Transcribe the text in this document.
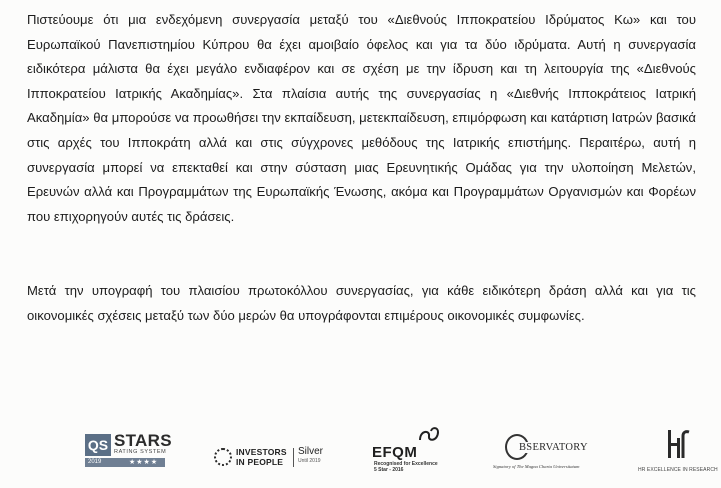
Πιστεύουμε ότι μια ενδεχόμενη συνεργασία μεταξύ του «Διεθνούς Ιπποκρατείου Ιδρύματος Κω» και του Ευρωπαϊκού Πανεπιστημίου Κύπρου θα έχει αμοιβαίο όφελος και για τα δύο ιδρύματα. Αυτή η συνεργασία ειδικότερα μάλιστα θα έχει μεγάλο ενδιαφέρον και σε σχέση με την ίδρυση και τη λειτουργία της «Διεθνούς Ιπποκρατείου Ιατρικής Ακαδημίας». Στα πλαίσια αυτής της συνεργασίας η «Διεθνής Ιπποκράτειος Ιατρική Ακαδημία» θα μπορούσε να προωθήσει την εκπαίδευση, μετεκπαίδευση, επιμόρφωση και κατάρτιση Ιατρών βασικά στις αρχές του Ιπποκράτη αλλά και στις σύγχρονες μεθόδους της Ιατρικής επιστήμης. Περαιτέρω, αυτή η συνεργασία μπορεί να επεκταθεί και στην σύσταση μιας Ερευνητικής Ομάδας για την υλοποίηση Μελετών, Ερευνών αλλά και Προγραμμάτων της Ευρωπαϊκής Ένωσης, ακόμα και Προγραμμάτων Οργανισμών και Φορέων που επιχορηγούν αυτές τις δράσεις.

Μετά την υπογραφή του πλαισίου πρωτοκόλλου συνεργασίας, για κάθε ειδικότερη δράση αλλά και για τις οικονομικές σχέσεις μεταξύ των δύο μερών θα υπογράφονται επιμέρους οικονομικές συμφωνίες.

QS STARS
RATING SYSTEM
2019	★★★★
INVESTORS
IN PEOPLE
Silver
Until 2019	EFQM
Recognised for Excellence
5 Star - 2016
BSERVATORY
Signatory of The Magna Charta Universitatum
HR EXCELLENCE IN RESEARCH
